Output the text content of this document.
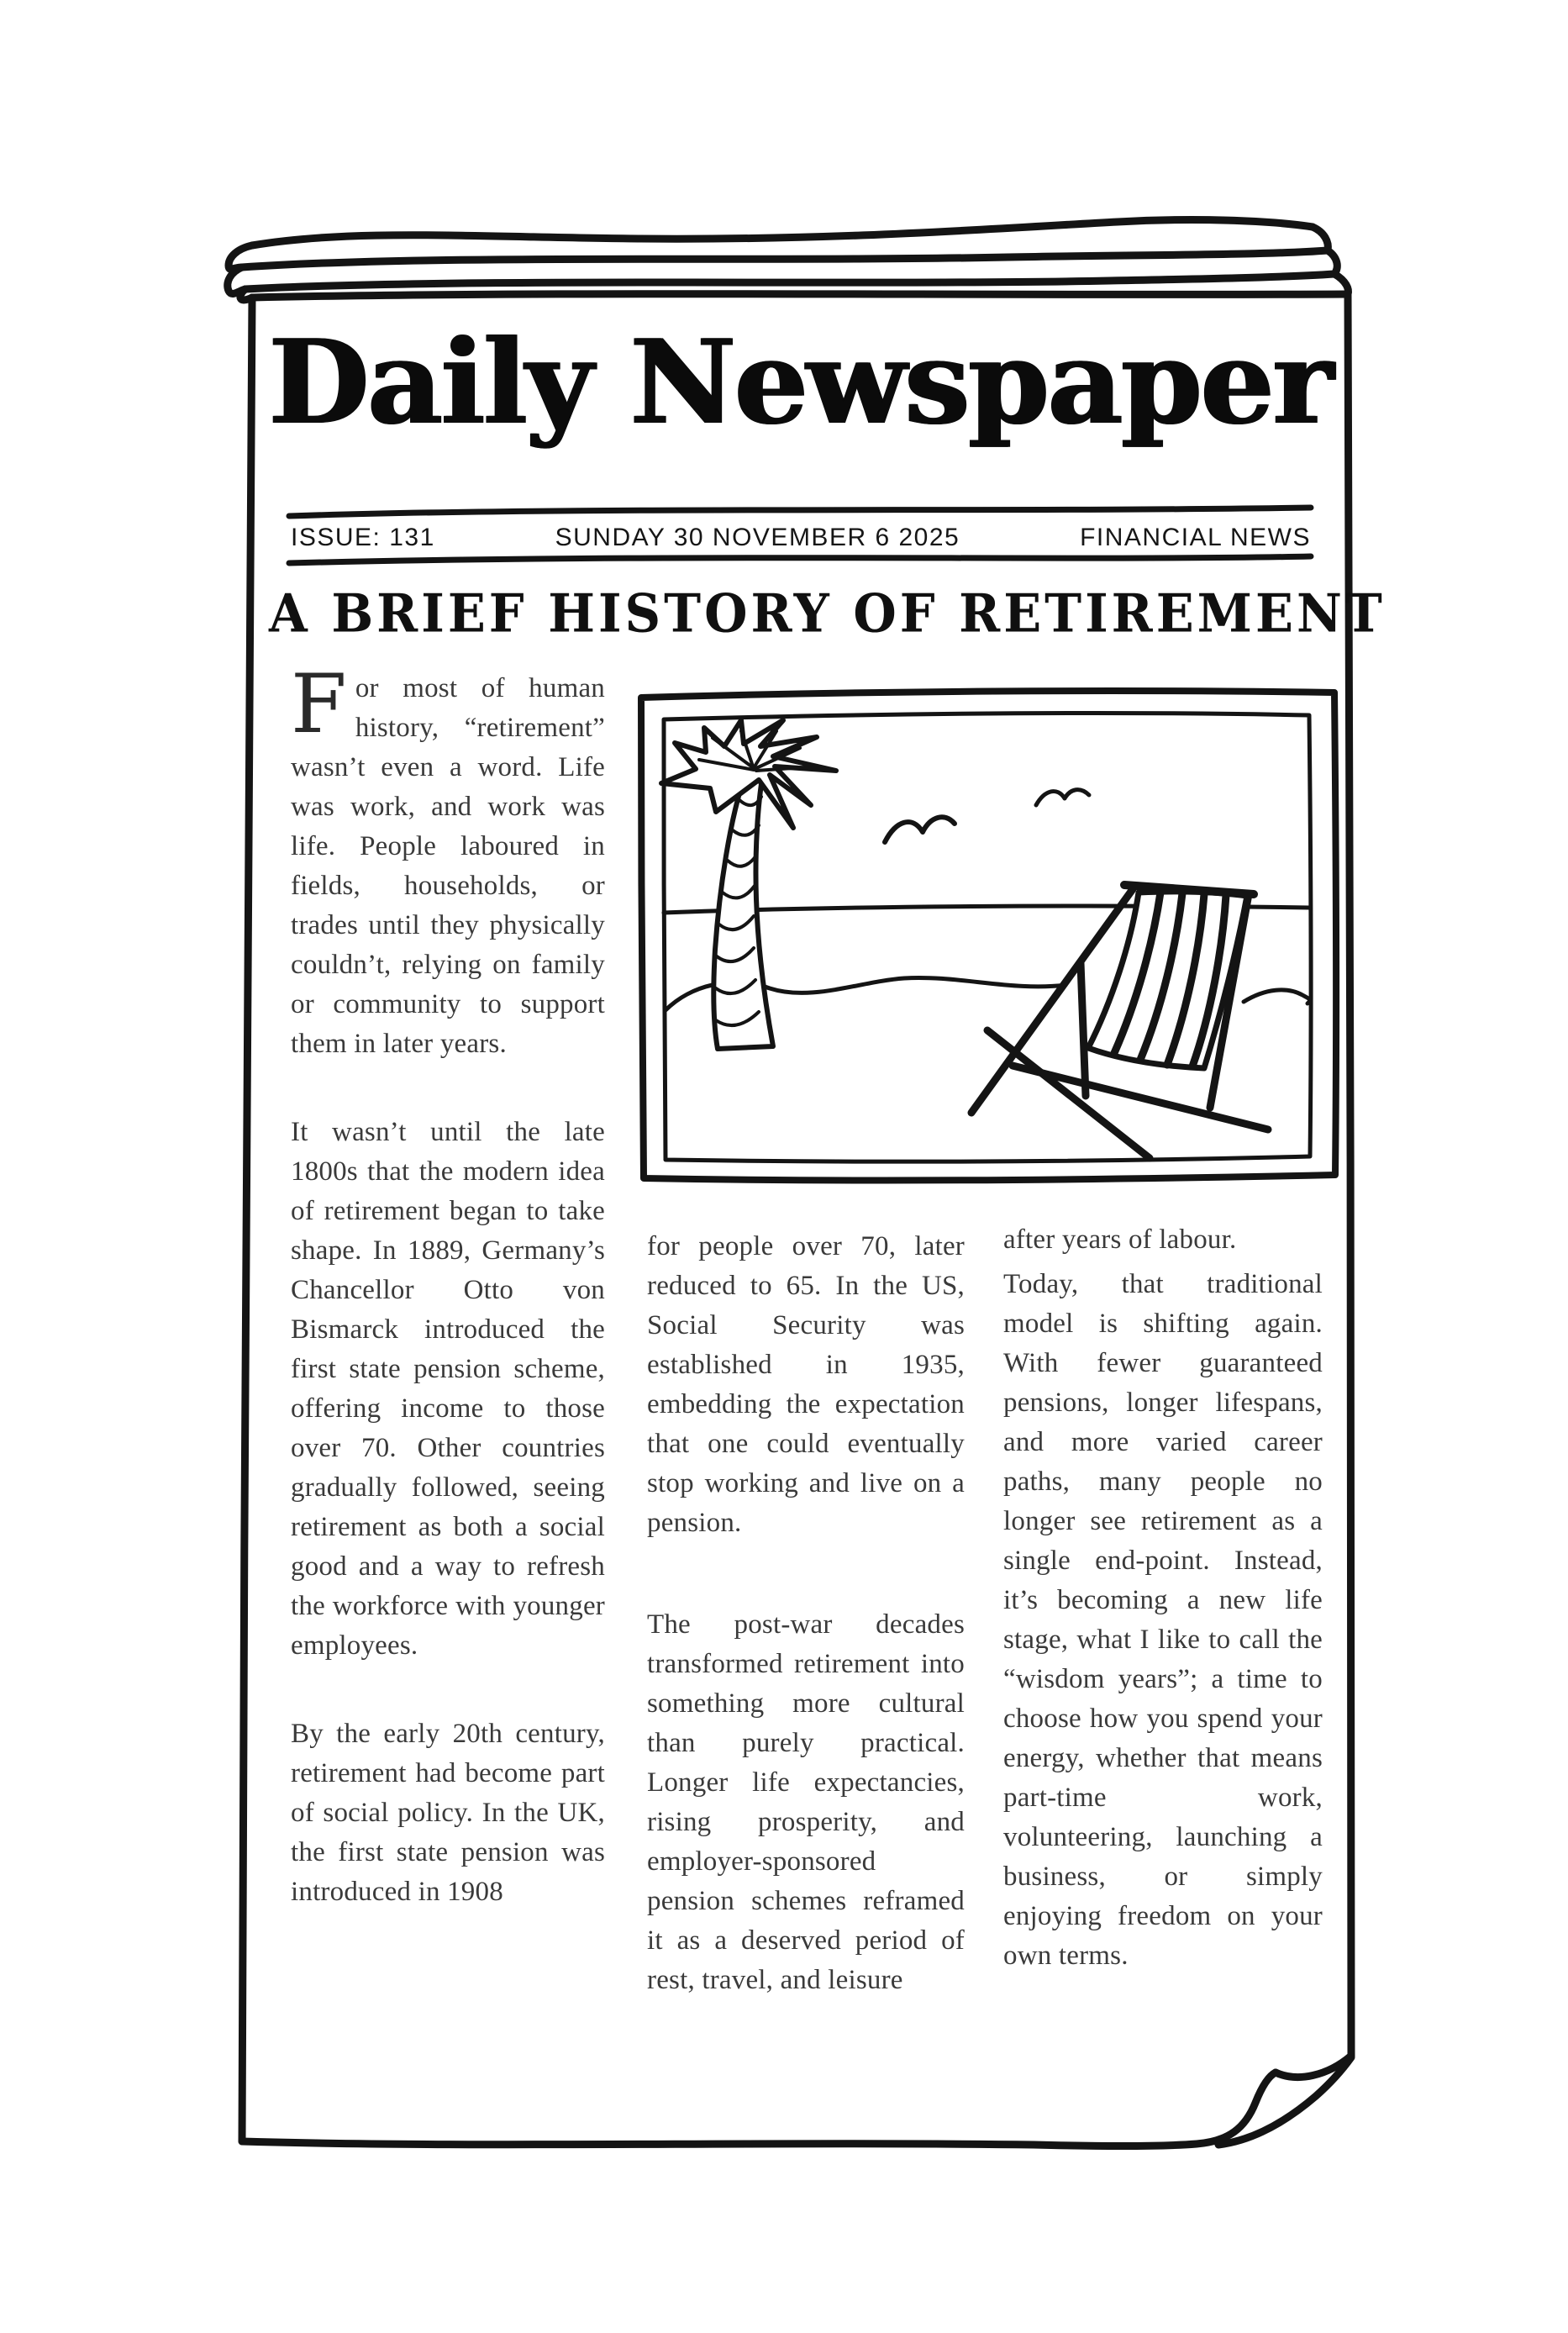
Daily Newspaper
ISSUE: 131	SUNDAY 30 NOVEMBER 6 2025	FINANCIAL NEWS
A BRIEF HISTORY OF RETIREMENT

For most of human history, “retirement” wasn’t even a word. Life was work, and work was life. People laboured in fields, households, or trades until they physically couldn’t, relying on family or community to support them in later years.

It wasn’t until the late 1800s that the modern idea of retirement began to take shape. In 1889, Germany’s Chancellor Otto von Bismarck introduced the first state pension scheme, offering income to those over 70. Other countries gradually followed, seeing retirement as both a social good and a way to refresh the workforce with younger employees.

By the early 20th century, retirement had become part of social policy. In the UK, the first state pension was introduced in 1908

for people over 70, later reduced to 65. In the US, Social Security was established in 1935, embedding the expectation that one could eventually stop working and live on a pension.

The post-war decades transformed retirement into something more cultural than purely practical. Longer life expectancies, rising prosperity, and employer-sponsored pension schemes reframed it as a deserved period of rest, travel, and leisure

after years of labour.

Today, that traditional model is shifting again. With fewer guaranteed pensions, longer lifespans, and more varied career paths, many people no longer see retirement as a single end-point. Instead, it’s becoming a new life stage, what I like to call the “wisdom years”; a time to choose how you spend your energy, whether that means part-time work, volunteering, launching a business, or simply enjoying freedom on your own terms.
